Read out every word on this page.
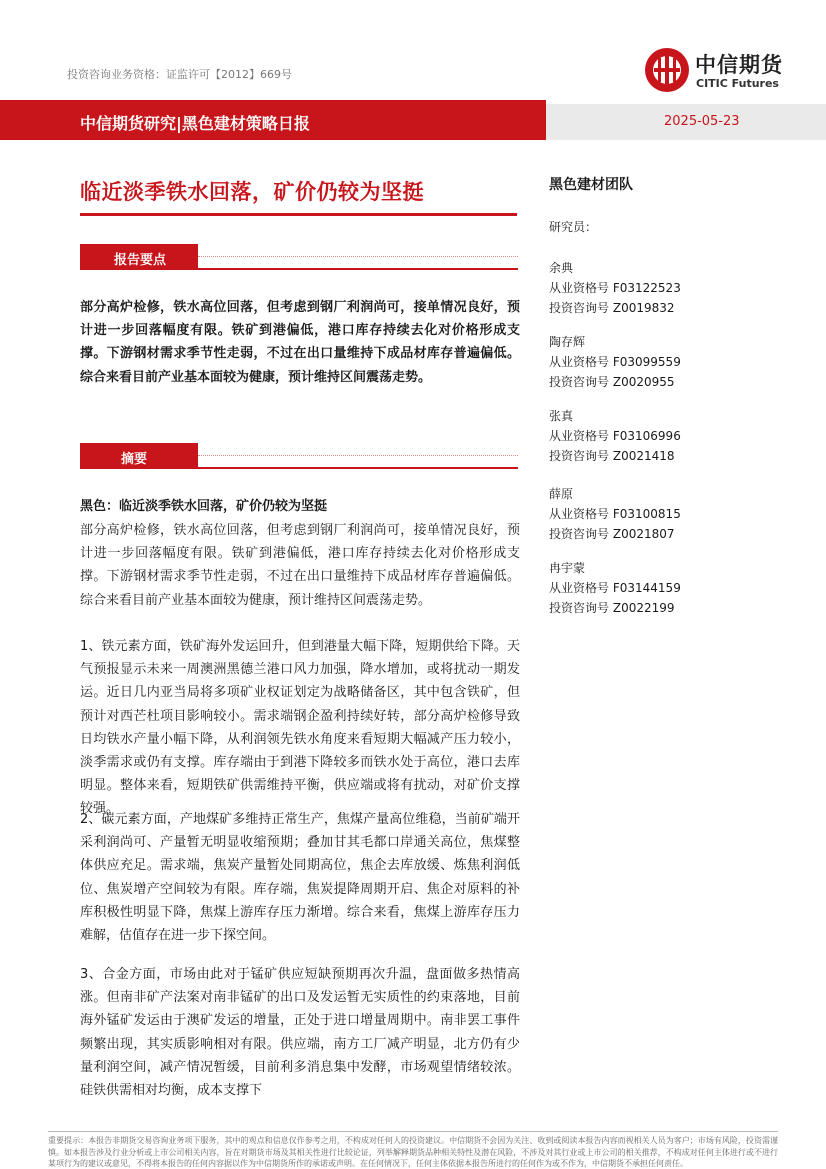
投资咨询业务资格：证监许可【2012】669号	中信期货
CITIC Futures
中信期货研究|黑色建材策略日报	2025-05-23
临近淡季铁水回落，矿价仍较为坚挺
报告要点
部分高炉检修，铁水高位回落，但考虑到钢厂利润尚可，接单情况良好，预计进一步回落幅度有限。铁矿到港偏低，港口库存持续去化对价格形成支撑。下游钢材需求季节性走弱，不过在出口量维持下成品材库存普遍偏低。综合来看目前产业基本面较为健康，预计维持区间震荡走势。
摘要
黑色：临近淡季铁水回落，矿价仍较为坚挺
部分高炉检修，铁水高位回落，但考虑到钢厂利润尚可，接单情况良好，预计进一步回落幅度有限。铁矿到港偏低，港口库存持续去化对价格形成支撑。下游钢材需求季节性走弱，不过在出口量维持下成品材库存普遍偏低。综合来看目前产业基本面较为健康，预计维持区间震荡走势。
1、铁元素方面，铁矿海外发运回升，但到港量大幅下降，短期供给下降。天气预报显示未来一周澳洲黑德兰港口风力加强，降水增加，或将扰动一期发运。近日几内亚当局将多项矿业权证划定为战略储备区，其中包含铁矿，但预计对西芒杜项目影响较小。需求端钢企盈利持续好转，部分高炉检修导致日均铁水产量小幅下降，从利润领先铁水角度来看短期大幅减产压力较小，淡季需求或仍有支撑。库存端由于到港下降较多而铁水处于高位，港口去库明显。整体来看，短期铁矿供需维持平衡，供应端或将有扰动，对矿价支撑较强。
2、碳元素方面，产地煤矿多维持正常生产，焦煤产量高位维稳，当前矿端开采利润尚可、产量暂无明显收缩预期；叠加甘其毛都口岸通关高位，焦煤整体供应充足。需求端，焦炭产量暂处同期高位，焦企去库放缓、炼焦利润低位、焦炭增产空间较为有限。库存端，焦炭提降周期开启、焦企对原料的补库积极性明显下降，焦煤上游库存压力渐增。综合来看，焦煤上游库存压力难解，估值存在进一步下探空间。
3、合金方面，市场由此对于锰矿供应短缺预期再次升温，盘面做多热情高涨。但南非矿产法案对南非锰矿的出口及发运暂无实质性的约束落地，目前海外锰矿发运由于澳矿发运的增量，正处于进口增量周期中。南非罢工事件频繁出现，其实质影响相对有限。供应端，南方工厂减产明显，北方仍有少量利润空间，减产情况暂缓，目前利多消息集中发酵，市场观望情绪较浓。硅铁供需相对均衡，成本支撑下
黑色建材团队
研究员：
余典
从业资格号 F03122523
投资咨询号 Z0019832
陶存辉
从业资格号 F03099559
投资咨询号 Z0020955
张真
从业资格号 F03106996
投资咨询号 Z0021418
薛原
从业资格号 F03100815
投资咨询号 Z0021807
冉宇蒙
从业资格号 F03144159
投资咨询号 Z0022199
重要提示：本报告非期货交易咨询业务项下服务，其中的观点和信息仅作参考之用，不构成对任何人的投资建议。中信期货不会因为关注、收到或阅读本报告内容而视相关人员为客户；市场有风险，投资需谨慎。如本报告涉及行业分析或上市公司相关内容，旨在对期货市场及其相关性进行比较论证，列举解释期货品种相关特性及潜在风险，不涉及对其行业或上市公司的相关推荐，不构成对任何主体进行或不进行某项行为的建议或意见，不得将本报告的任何内容据以作为中信期货所作的承诺或声明。在任何情况下，任何主体依据本报告所进行的任何作为或不作为，中信期货不承担任何责任。
